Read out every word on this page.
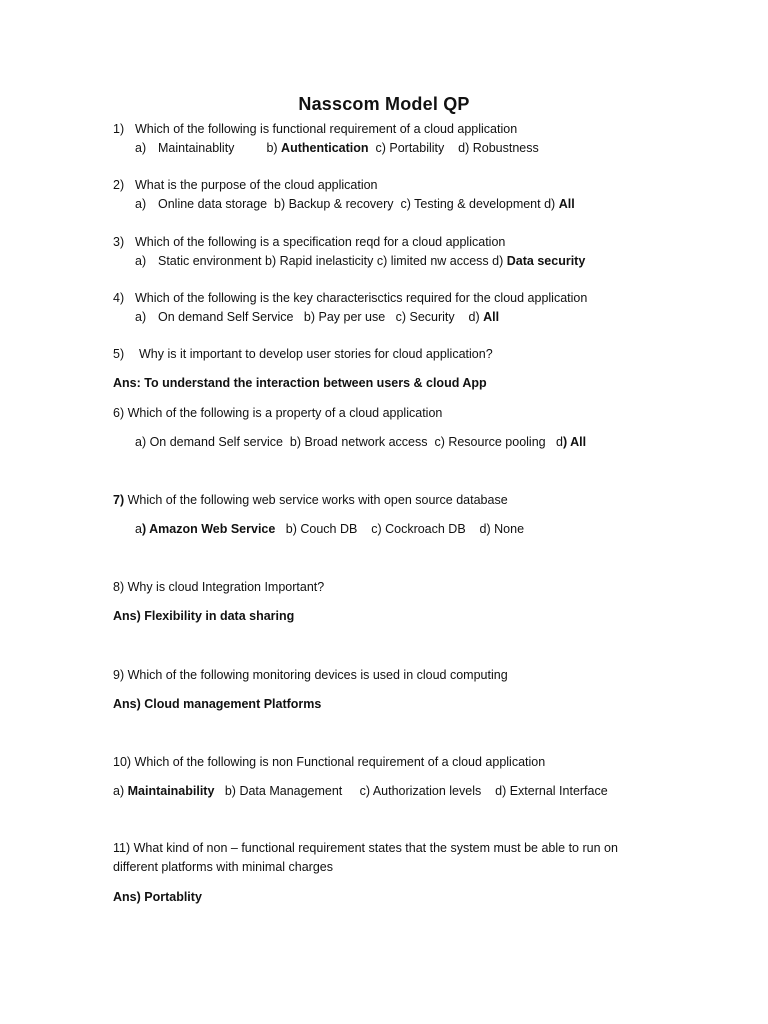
Nasscom Model QP
1) Which of the following is functional requirement of a cloud application
a) Maintainablity	b) Authentication c) Portability    d) Robustness
2) What is the purpose of the cloud application
a) Online data storage  b) Backup & recovery  c) Testing & development d) All
3) Which of the following is a specification reqd for a cloud application
a) Static environment b) Rapid inelasticity c) limited nw access d) Data security
4) Which of the following is the key characterisctics required for the cloud application
a) On demand Self Service   b) Pay per use   c) Security    d) All
5) Why is it important to develop user stories for cloud application?
Ans: To understand the interaction between users & cloud App
6) Which of the following is a property of a cloud application
a) On demand Self service  b) Broad network access  c) Resource pooling   d) All
7) Which of the following web service works with open source database
a) Amazon Web Service b) Couch DB    c) Cockroach DB    d) None
8) Why is cloud Integration Important?
Ans) Flexibility in data sharing
9) Which of the following monitoring devices is used in cloud computing
Ans) Cloud management Platforms
10) Which of the following is non Functional requirement of a cloud application
a) Maintainability b) Data Management     c) Authorization levels    d) External Interface
11) What kind of non – functional requirement states that the system must be able to run on
different platforms with minimal charges
Ans) Portablity
